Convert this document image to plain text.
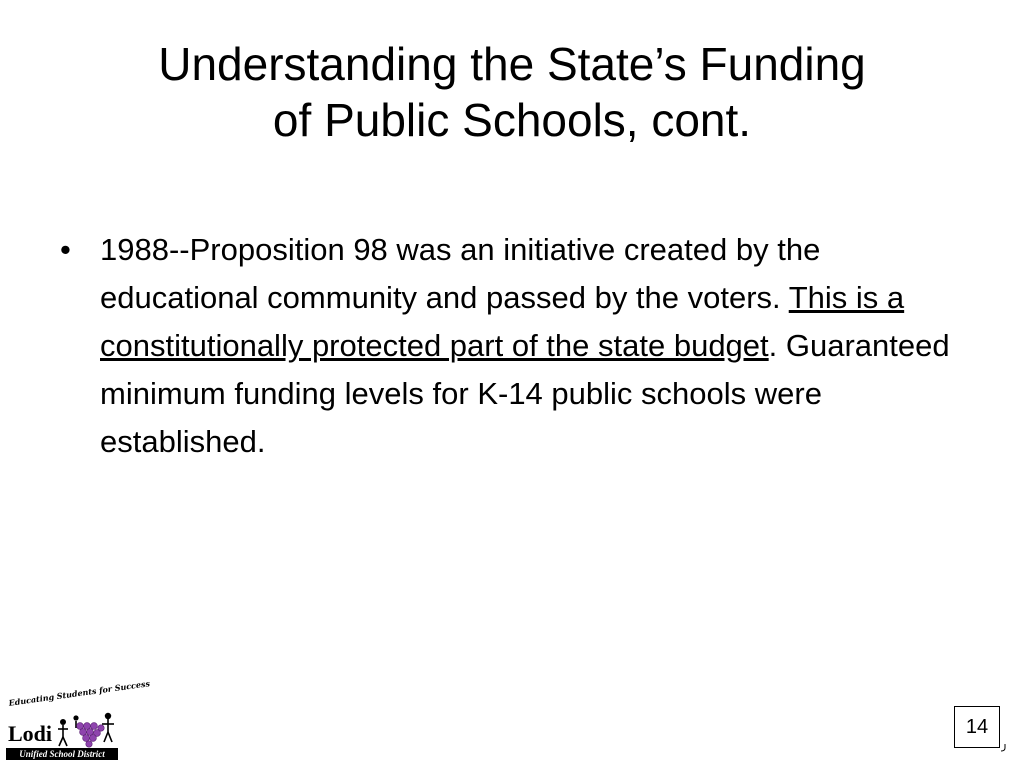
Understanding the State’s Funding
of Public Schools, cont.
• 1988--Proposition 98 was an initiative created by the educational community and passed by the voters. This is a constitutionally protected part of the state budget. Guaranteed minimum funding levels for K-14 public schools were established.
Educating Students for Success
Lodi
Unified School District
14
